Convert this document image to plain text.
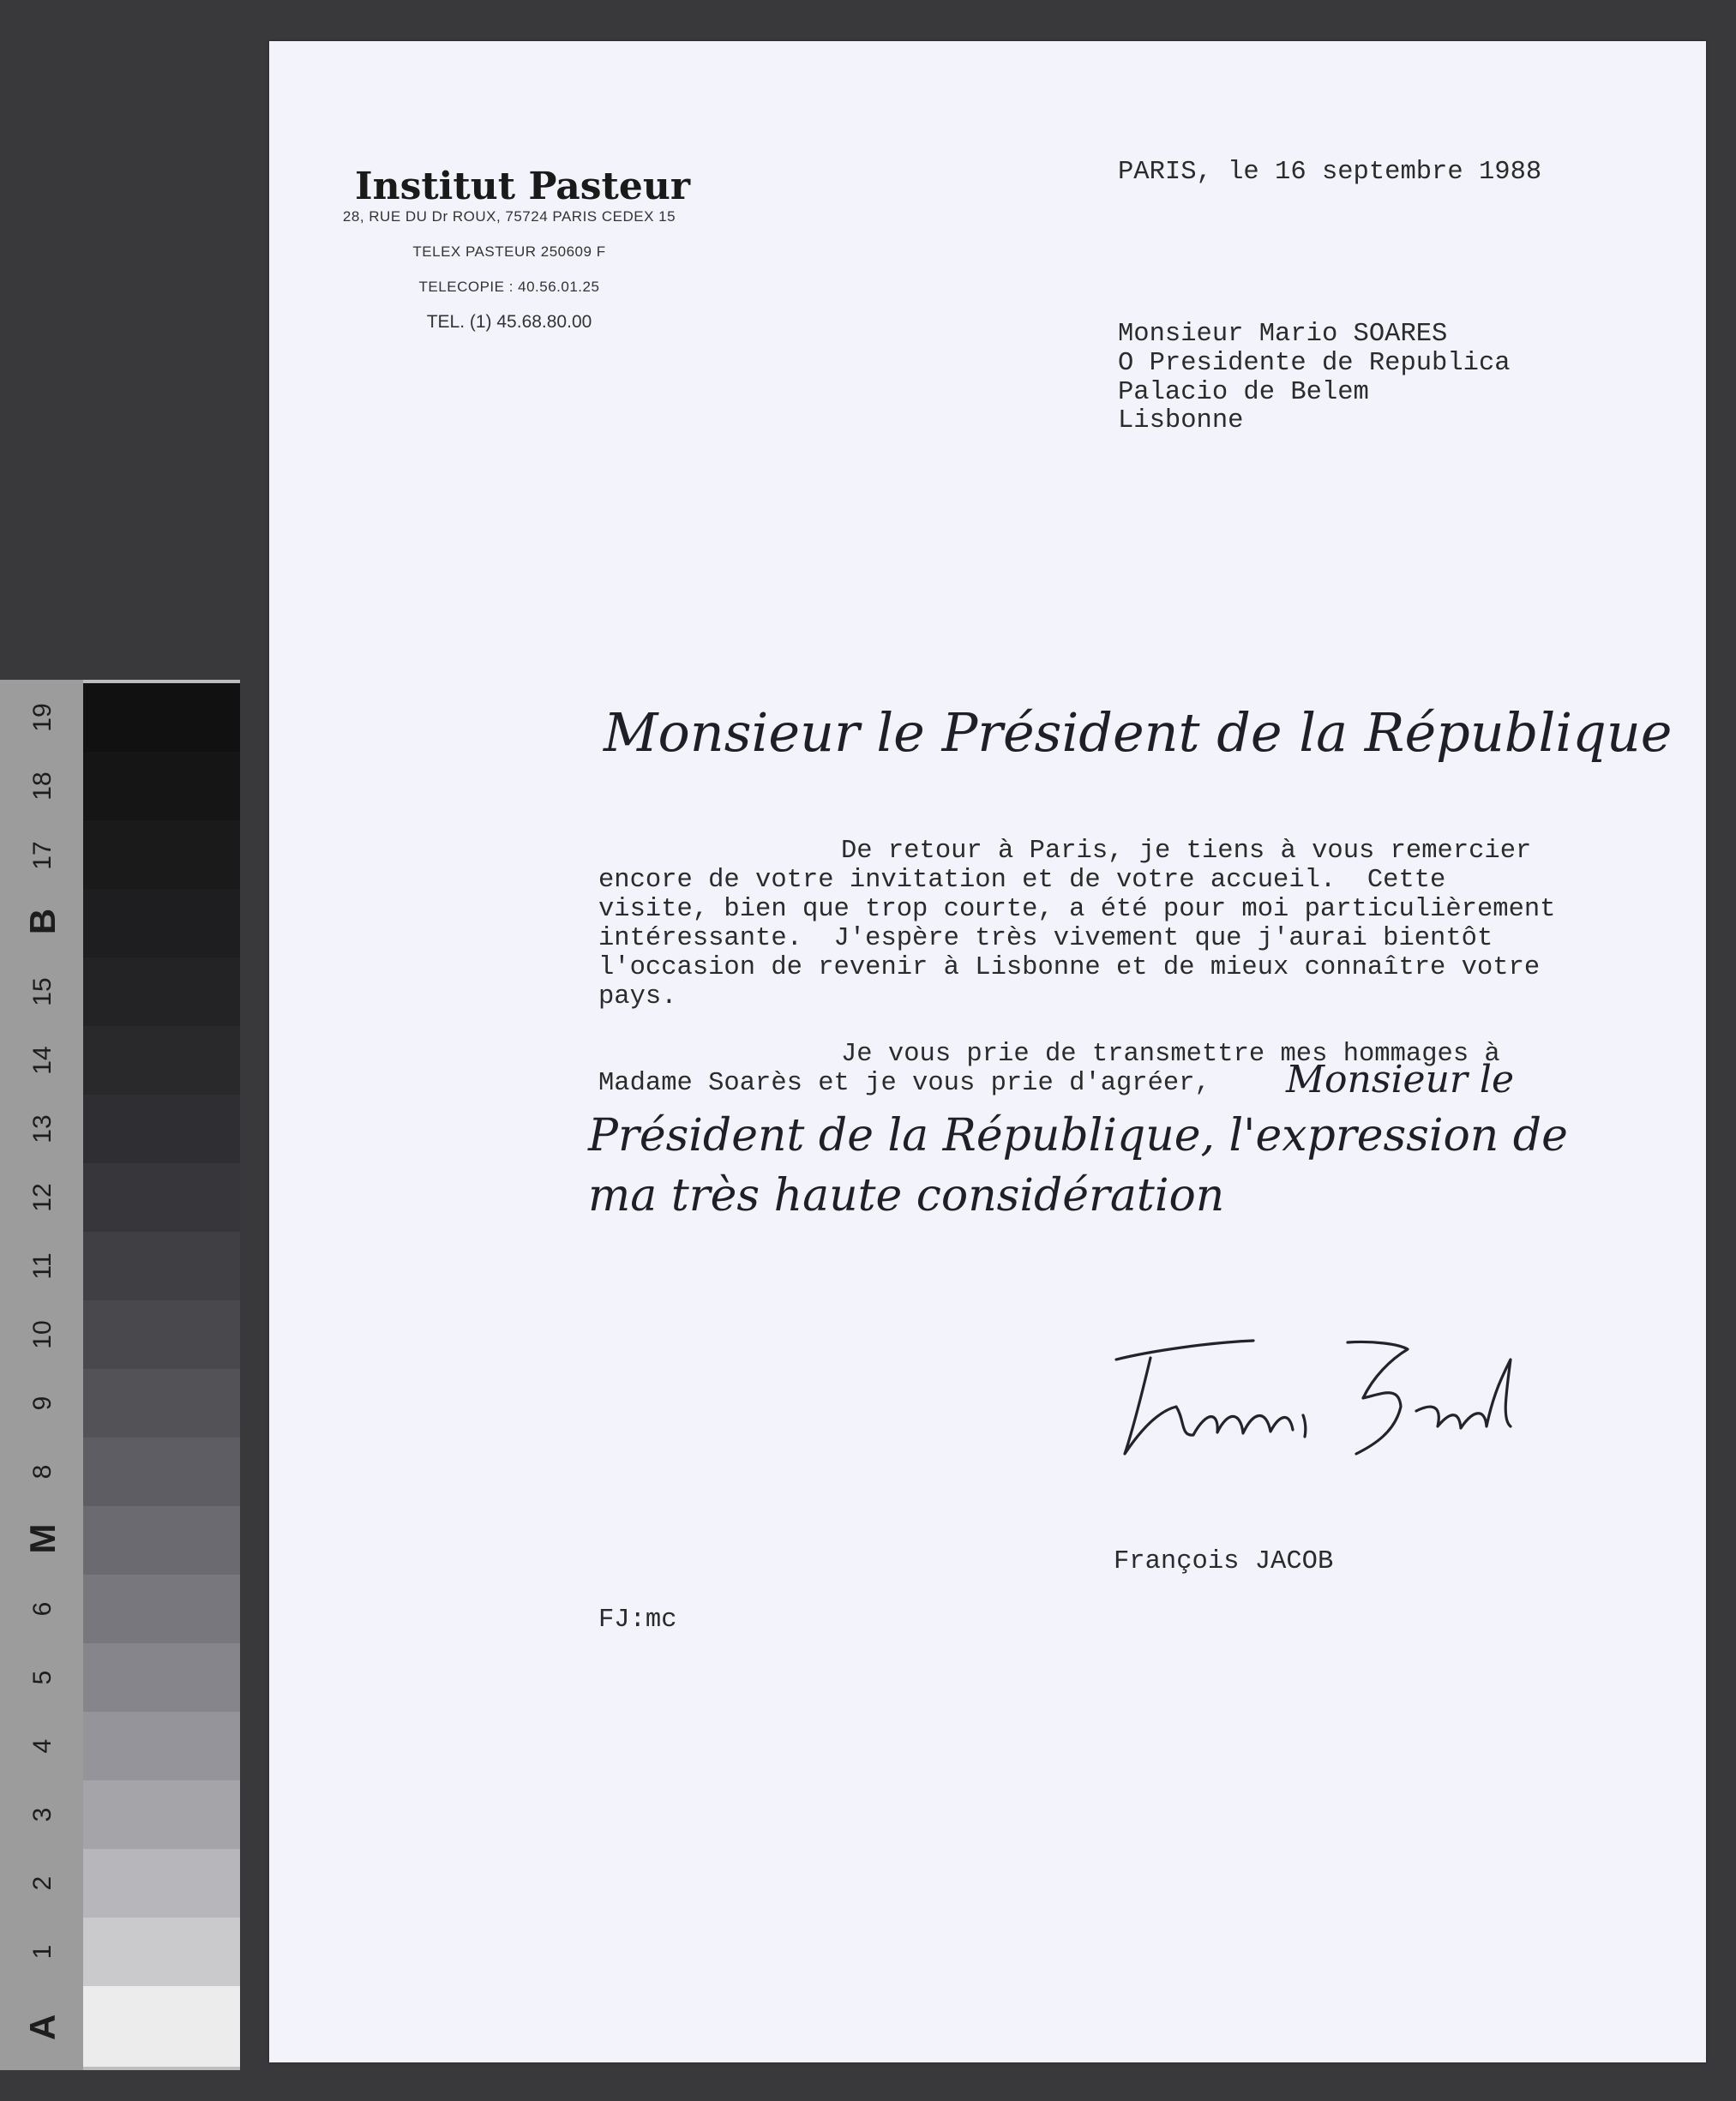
19
18
17
B
15
14
13
12
11
10
9
8
M
6
5
4
3
2
1
A

Institut Pasteur

28, RUE DU Dr ROUX, 75724 PARIS CEDEX 15
TELEX PASTEUR 250609 F
TELECOPIE : 40.56.01.25
TEL. (1) 45.68.80.00
PARIS, le 16 septembre 1988
Monsieur Mario SOARES
O Presidente de Republica
Palacio de Belem
Lisbonne
Monsieur le Président de la République
De retour à Paris, je tiens à vous remercier
encore de votre invitation et de votre accueil.  Cette
visite, bien que trop courte, a été pour moi particulièrement
intéressante.  J'espère très vivement que j'aurai bientôt
l'occasion de revenir à Lisbonne et de mieux connaître votre
pays.
Je vous prie de transmettre mes hommages à
Madame Soarès et je vous prie d'agréer, Monsieur le
Président de la République, l'expression de
ma très haute considération

François JACOB
FJ:mc
